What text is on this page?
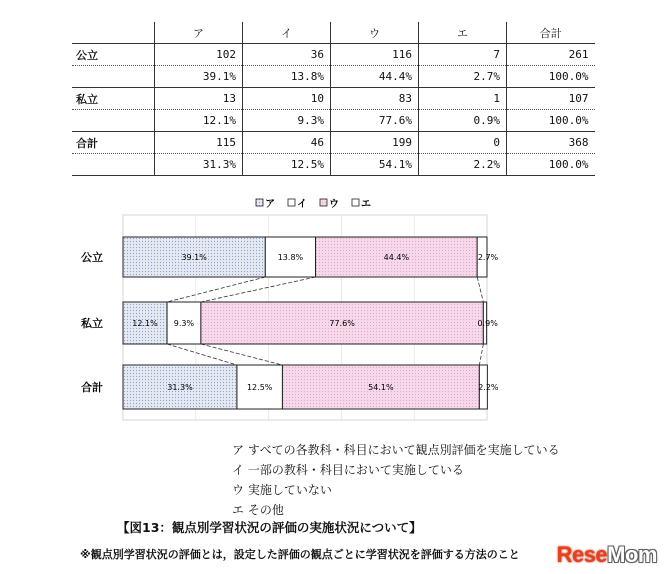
	ア	イ	ウ	エ	合計
公立	102	36	116	7	261
	39.1%	13.8%	44.4%	2.7%	100.0%
私立	13	10	83	1	107
	12.1%	9.3%	77.6%	0.9%	100.0%
合計	115	46	199	0	368
	31.3%	12.5%	54.1%	2.2%	100.0%
39.1%	13.8%	44.4%	2.7%
12.1% 9.3%	77.6%	0.9%
31.3%	12.5%	54.1%	2.2%
公立
私立
合計
ア イ ウ エ
ア すべての各教科・科目において観点別評価を実施している
イ 一部の教科・科目において実施している
ウ 実施していない
エ その他
【図13：観点別学習状況の評価の実施状況について】
※観点別学習状況の評価とは，設定した評価の観点ごとに学習状況を評価する方法のこと	ReseMom
